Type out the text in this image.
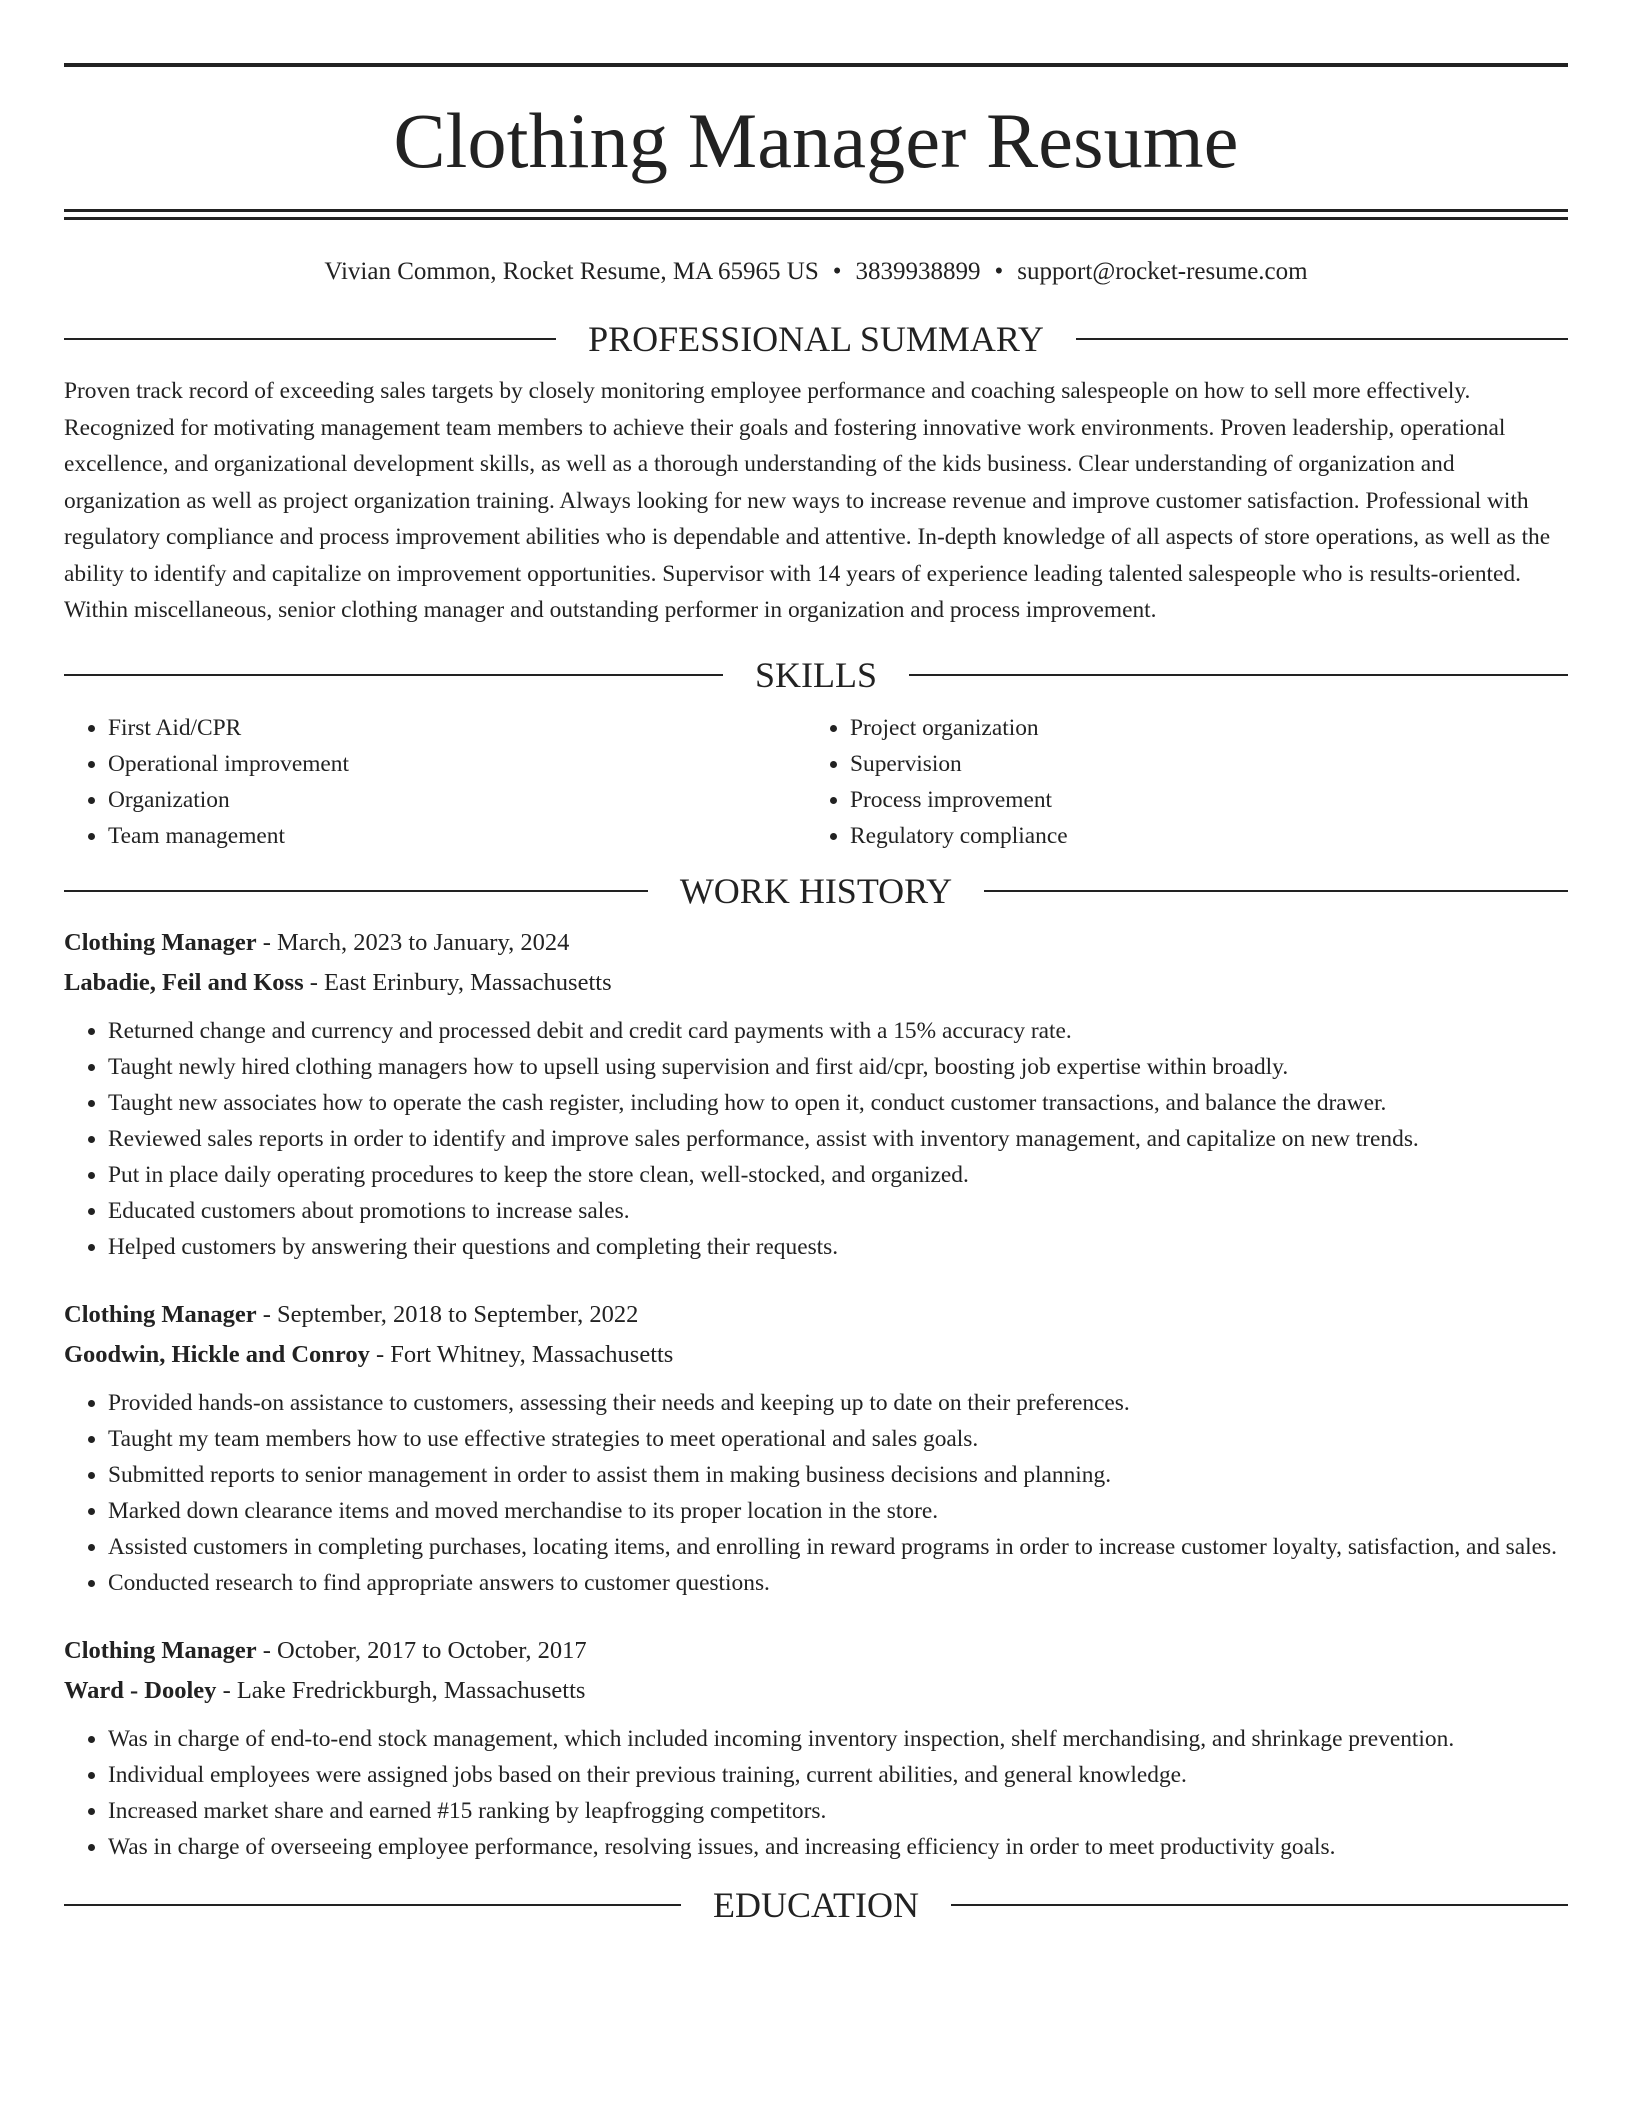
Clothing Manager Resume
Vivian Common, Rocket Resume, MA 65965 US • 3839938899 • support@rocket-resume.com
PROFESSIONAL SUMMARY

Proven track record of exceeding sales targets by closely monitoring employee performance and coaching salespeople on how to sell more effectively. Recognized for motivating management team members to achieve their goals and fostering innovative work environments. Proven leadership, operational excellence, and organizational development skills, as well as a thorough understanding of the kids business. Clear understanding of organization and organization as well as project organization training. Always looking for new ways to increase revenue and improve customer satisfaction. Professional with regulatory compliance and process improvement abilities who is dependable and attentive. In-depth knowledge of all aspects of store operations, as well as the ability to identify and capitalize on improvement opportunities. Supervisor with 14 years of experience leading talented salespeople who is results-oriented. Within miscellaneous, senior clothing manager and outstanding performer in organization and process improvement.

SKILLS
• First Aid/CPR
• Operational improvement
• Organization
• Team management
• Project organization
• Supervision
• Process improvement
• Regulatory compliance
WORK HISTORY
Clothing Manager - March, 2023 to January, 2024
Labadie, Feil and Koss - East Erinbury, Massachusetts
• Returned change and currency and processed debit and credit card payments with a 15% accuracy rate.
• Taught newly hired clothing managers how to upsell using supervision and first aid/cpr, boosting job expertise within broadly.
• Taught new associates how to operate the cash register, including how to open it, conduct customer transactions, and balance the drawer.
• Reviewed sales reports in order to identify and improve sales performance, assist with inventory management, and capitalize on new trends.
• Put in place daily operating procedures to keep the store clean, well-stocked, and organized.
• Educated customers about promotions to increase sales.
• Helped customers by answering their questions and completing their requests.
Clothing Manager - September, 2018 to September, 2022
Goodwin, Hickle and Conroy - Fort Whitney, Massachusetts
• Provided hands-on assistance to customers, assessing their needs and keeping up to date on their preferences.
• Taught my team members how to use effective strategies to meet operational and sales goals.
• Submitted reports to senior management in order to assist them in making business decisions and planning.
• Marked down clearance items and moved merchandise to its proper location in the store.
• Assisted customers in completing purchases, locating items, and enrolling in reward programs in order to increase customer loyalty, satisfaction, and sales.
• Conducted research to find appropriate answers to customer questions.
Clothing Manager - October, 2017 to October, 2017
Ward - Dooley - Lake Fredrickburgh, Massachusetts
• Was in charge of end-to-end stock management, which included incoming inventory inspection, shelf merchandising, and shrinkage prevention.
• Individual employees were assigned jobs based on their previous training, current abilities, and general knowledge.
• Increased market share and earned #15 ranking by leapfrogging competitors.
• Was in charge of overseeing employee performance, resolving issues, and increasing efficiency in order to meet productivity goals.
EDUCATION
